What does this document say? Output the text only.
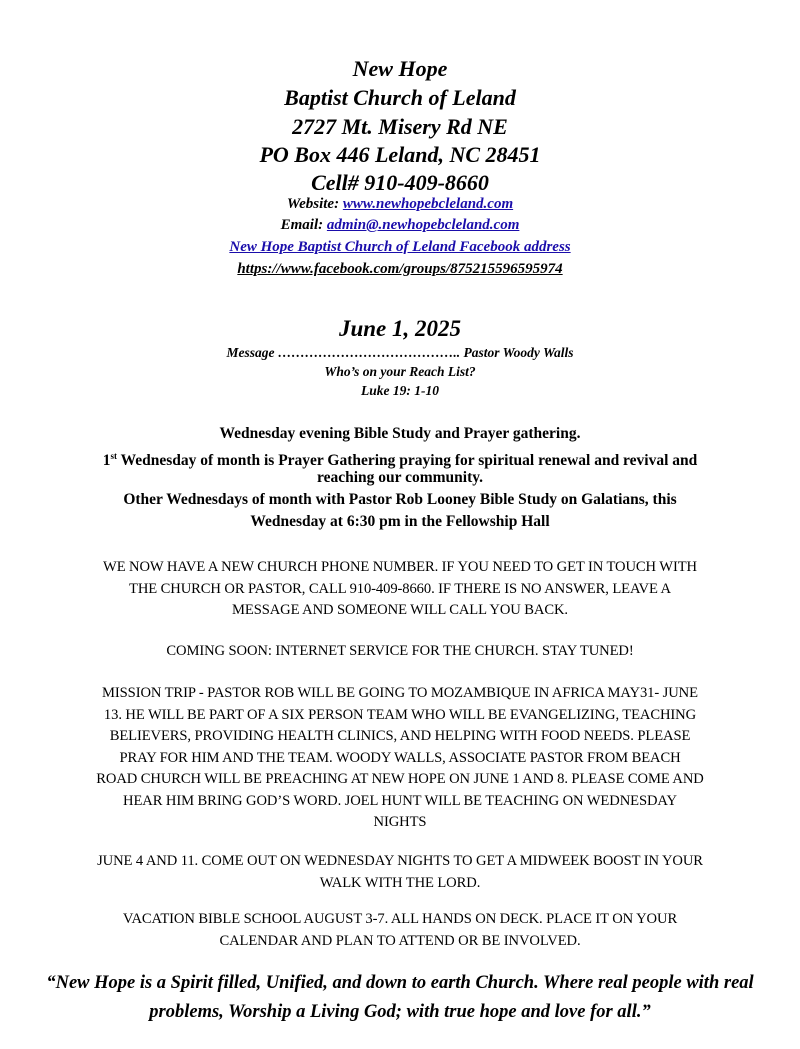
New Hope
Baptist Church of Leland
2727 Mt. Misery Rd NE
PO Box 446 Leland, NC 28451
Cell# 910-409-8660
Website: www.newhopebcleland.com
Email: admin@.newhopebcleland.com
New Hope Baptist Church of Leland Facebook address
https://www.facebook.com/groups/875215596595974
June 1, 2025
Message ………………………………….. Pastor Woody Walls
Who’s on your Reach List?
Luke 19: 1-10
Wednesday evening Bible Study and Prayer gathering.
1st Wednesday of month is Prayer Gathering praying for spiritual renewal and revival and
reaching our community.
Other Wednesdays of month with Pastor Rob Looney Bible Study on Galatians, this
Wednesday at 6:30 pm in the Fellowship Hall
WE NOW HAVE A NEW CHURCH PHONE NUMBER. IF YOU NEED TO GET IN TOUCH WITH
THE CHURCH OR PASTOR, CALL 910-409-8660. IF THERE IS NO ANSWER, LEAVE A
MESSAGE AND SOMEONE WILL CALL YOU BACK.
COMING SOON: INTERNET SERVICE FOR THE CHURCH. STAY TUNED!
MISSION TRIP - PASTOR ROB WILL BE GOING TO MOZAMBIQUE IN AFRICA MAY31- JUNE
13. HE WILL BE PART OF A SIX PERSON TEAM WHO WILL BE EVANGELIZING, TEACHING
BELIEVERS, PROVIDING HEALTH CLINICS, AND HELPING WITH FOOD NEEDS. PLEASE
PRAY FOR HIM AND THE TEAM. WOODY WALLS, ASSOCIATE PASTOR FROM BEACH
ROAD CHURCH WILL BE PREACHING AT NEW HOPE ON JUNE 1 AND 8. PLEASE COME AND
HEAR HIM BRING GOD’S WORD. JOEL HUNT WILL BE TEACHING ON WEDNESDAY
NIGHTS
JUNE 4 AND 11. COME OUT ON WEDNESDAY NIGHTS TO GET A MIDWEEK BOOST IN YOUR
WALK WITH THE LORD.
VACATION BIBLE SCHOOL AUGUST 3-7. ALL HANDS ON DECK. PLACE IT ON YOUR
CALENDAR AND PLAN TO ATTEND OR BE INVOLVED.
“New Hope is a Spirit filled, Unified, and down to earth Church. Where real people with real
problems, Worship a Living God; with true hope and love for all.”
